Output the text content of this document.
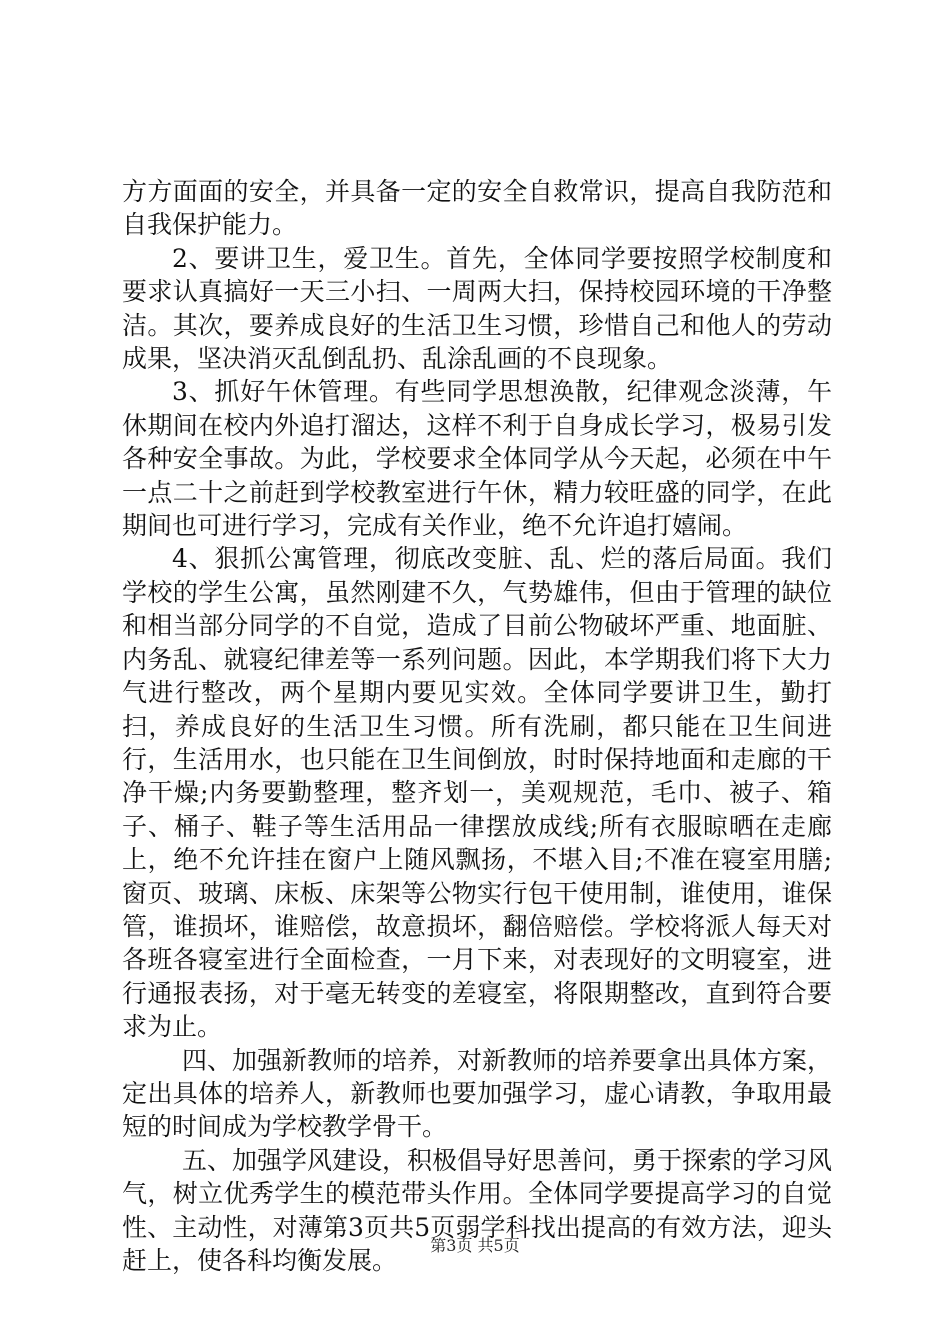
方方面面的安全，并具备一定的安全自救常识，提高自我防范和自我保护能力。

2、要讲卫生，爱卫生。首先，全体同学要按照学校制度和要求认真搞好一天三小扫、一周两大扫，保持校园环境的干净整洁。其次，要养成良好的生活卫生习惯，珍惜自己和他人的劳动成果，坚决消灭乱倒乱扔、乱涂乱画的不良现象。

3、抓好午休管理。有些同学思想涣散，纪律观念淡薄，午休期间在校内外追打溜达，这样不利于自身成长学习，极易引发各种安全事故。为此，学校要求全体同学从今天起，必须在中午一点二十之前赶到学校教室进行午休，精力较旺盛的同学，在此期间也可进行学习，完成有关作业，绝不允许追打嬉闹。

4、狠抓公寓管理，彻底改变脏、乱、烂的落后局面。我们学校的学生公寓，虽然刚建不久，气势雄伟，但由于管理的缺位和相当部分同学的不自觉，造成了目前公物破坏严重、地面脏、内务乱、就寝纪律差等一系列问题。因此，本学期我们将下大力气进行整改，两个星期内要见实效。全体同学要讲卫生，勤打扫，养成良好的生活卫生习惯。所有洗刷，都只能在卫生间进行，生活用水，也只能在卫生间倒放，时时保持地面和走廊的干净干燥;内务要勤整理，整齐划一，美观规范，毛巾、被子、箱子、桶子、鞋子等生活用品一律摆放成线;所有衣服晾晒在走廊上，绝不允许挂在窗户上随风飘扬，不堪入目;不准在寝室用膳;窗页、玻璃、床板、床架等公物实行包干使用制，谁使用，谁保管，谁损坏，谁赔偿，故意损坏，翻倍赔偿。学校将派人每天对各班各寝室进行全面检查，一月下来，对表现好的文明寝室，进行通报表扬，对于毫无转变的差寝室，将限期整改，直到符合要求为止。

四、加强新教师的培养，对新教师的培养要拿出具体方案，定出具体的培养人，新教师也要加强学习，虚心请教，争取用最短的时间成为学校教学骨干。

五、加强学风建设，积极倡导好思善问，勇于探索的学习风气，树立优秀学生的模范带头作用。全体同学要提高学习的自觉性、主动性，对薄第3页共5页弱学科找出提高的有效方法，迎头赶上，使各科均衡发展。

第3页 共5页
